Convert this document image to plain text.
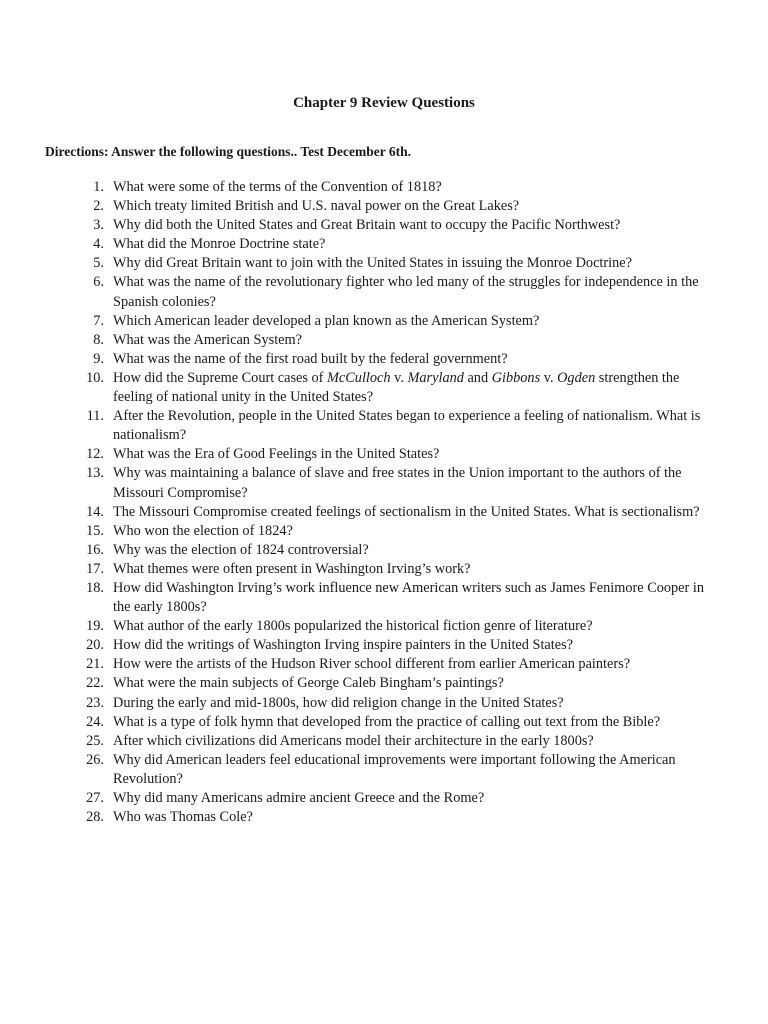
Chapter 9 Review Questions
Directions: Answer the following questions.. Test December 6th.
1. What were some of the terms of the Convention of 1818?
2. Which treaty limited British and U.S. naval power on the Great Lakes?
3. Why did both the United States and Great Britain want to occupy the Pacific Northwest?
4. What did the Monroe Doctrine state?
5. Why did Great Britain want to join with the United States in issuing the Monroe Doctrine?
6. What was the name of the revolutionary fighter who led many of the struggles for independence in the Spanish colonies?
7. Which American leader developed a plan known as the American System?
8. What was the American System?
9. What was the name of the first road built by the federal government?
10. How did the Supreme Court cases of McCulloch v. Maryland and Gibbons v. Ogden strengthen the feeling of national unity in the United States?
11. After the Revolution, people in the United States began to experience a feeling of nationalism. What is nationalism?
12. What was the Era of Good Feelings in the United States?
13. Why was maintaining a balance of slave and free states in the Union important to the authors of the Missouri Compromise?
14. The Missouri Compromise created feelings of sectionalism in the United States. What is sectionalism?
15. Who won the election of 1824?
16. Why was the election of 1824 controversial?
17. What themes were often present in Washington Irving’s work?
18. How did Washington Irving’s work influence new American writers such as James Fenimore Cooper in the early 1800s?
19. What author of the early 1800s popularized the historical fiction genre of literature?
20. How did the writings of Washington Irving inspire painters in the United States?
21. How were the artists of the Hudson River school different from earlier American painters?
22. What were the main subjects of George Caleb Bingham’s paintings?
23. During the early and mid-1800s, how did religion change in the United States?
24. What is a type of folk hymn that developed from the practice of calling out text from the Bible?
25. After which civilizations did Americans model their architecture in the early 1800s?
26. Why did American leaders feel educational improvements were important following the American Revolution?
27. Why did many Americans admire ancient Greece and the Rome?
28. Who was Thomas Cole?
